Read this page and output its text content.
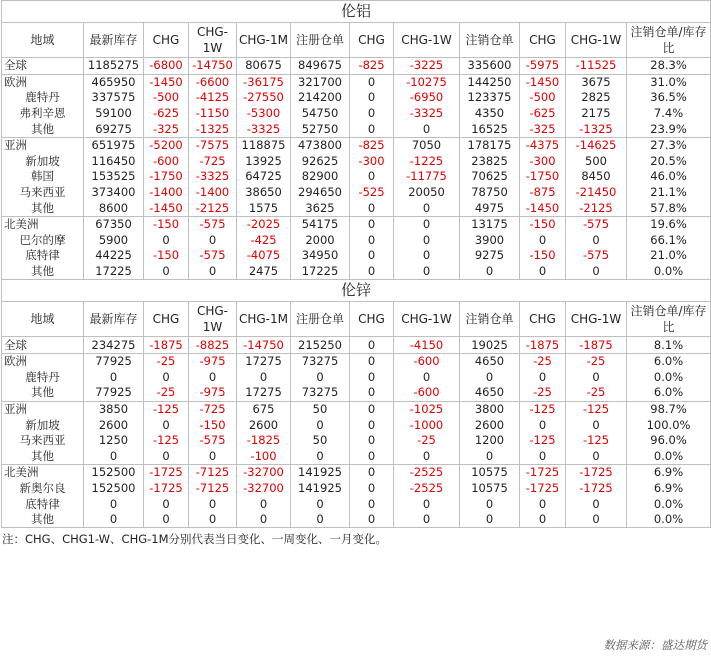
伦铝											
地域	最新库存	CHG	CHG-1W	CHG-1M	注册仓单	CHG	CHG-1W	注销仓单	CHG	CHG-1W	注销仓单/库存比
全球	1185275	-6800	-14750	80675	849675	-825	-3225	335600	-5975	-11525	28.3%
欧洲	465950	-1450	-6600	-36175	321700	0	-10275	144250	-1450	3675	31.0%
鹿特丹	337575	-500	-4125	-27550	214200	0	-6950	123375	-500	2825	36.5%
弗利辛恩	59100	-625	-1150	-5300	54750	0	-3325	4350	-625	2175	7.4%
其他	69275	-325	-1325	-3325	52750	0	0	16525	-325	-1325	23.9%
亚洲	651975	-5200	-7575	118875	473800	-825	7050	178175	-4375	-14625	27.3%
新加坡	116450	-600	-725	13925	92625	-300	-1225	23825	-300	500	20.5%
韩国	153525	-1750	-3325	64725	82900	0	-11775	70625	-1750	8450	46.0%
马来西亚	373400	-1400	-1400	38650	294650	-525	20050	78750	-875	-21450	21.1%
其他	8600	-1450	-2125	1575	3625	0	0	4975	-1450	-2125	57.8%
北美洲	67350	-150	-575	-2025	54175	0	0	13175	-150	-575	19.6%
巴尔的摩	5900	0	0	-425	2000	0	0	3900	0	0	66.1%
底特律	44225	-150	-575	-4075	34950	0	0	9275	-150	-575	21.0%
其他	17225	0	0	2475	17225	0	0	0	0	0	0.0%
伦锌											
地域	最新库存	CHG	CHG-1W	CHG-1M	注册仓单	CHG	CHG-1W	注销仓单	CHG	CHG-1W	注销仓单/库存比
全球	234275	-1875	-8825	-14750	215250	0	-4150	19025	-1875	-1875	8.1%
欧洲	77925	-25	-975	17275	73275	0	-600	4650	-25	-25	6.0%
鹿特丹	0	0	0	0	0	0	0	0	0	0	0.0%
其他	77925	-25	-975	17275	73275	0	-600	4650	-25	-25	6.0%
亚洲	3850	-125	-725	675	50	0	-1025	3800	-125	-125	98.7%
新加坡	2600	0	-150	2600	0	0	-1000	2600	0	0	100.0%
马来西亚	1250	-125	-575	-1825	50	0	-25	1200	-125	-125	96.0%
其他	0	0	0	-100	0	0	0	0	0	0	0.0%
北美洲	152500	-1725	-7125	-32700	141925	0	-2525	10575	-1725	-1725	6.9%
新奥尔良	152500	-1725	-7125	-32700	141925	0	-2525	10575	-1725	-1725	6.9%
底特律	0	0	0	0	0	0	0	0	0	0	0.0%
其他	0	0	0	0	0	0	0	0	0	0	0.0%
注：CHG、CHG1-W、CHG-1M分别代表当日变化、一周变化、一月变化。
数据来源：盛达期货
